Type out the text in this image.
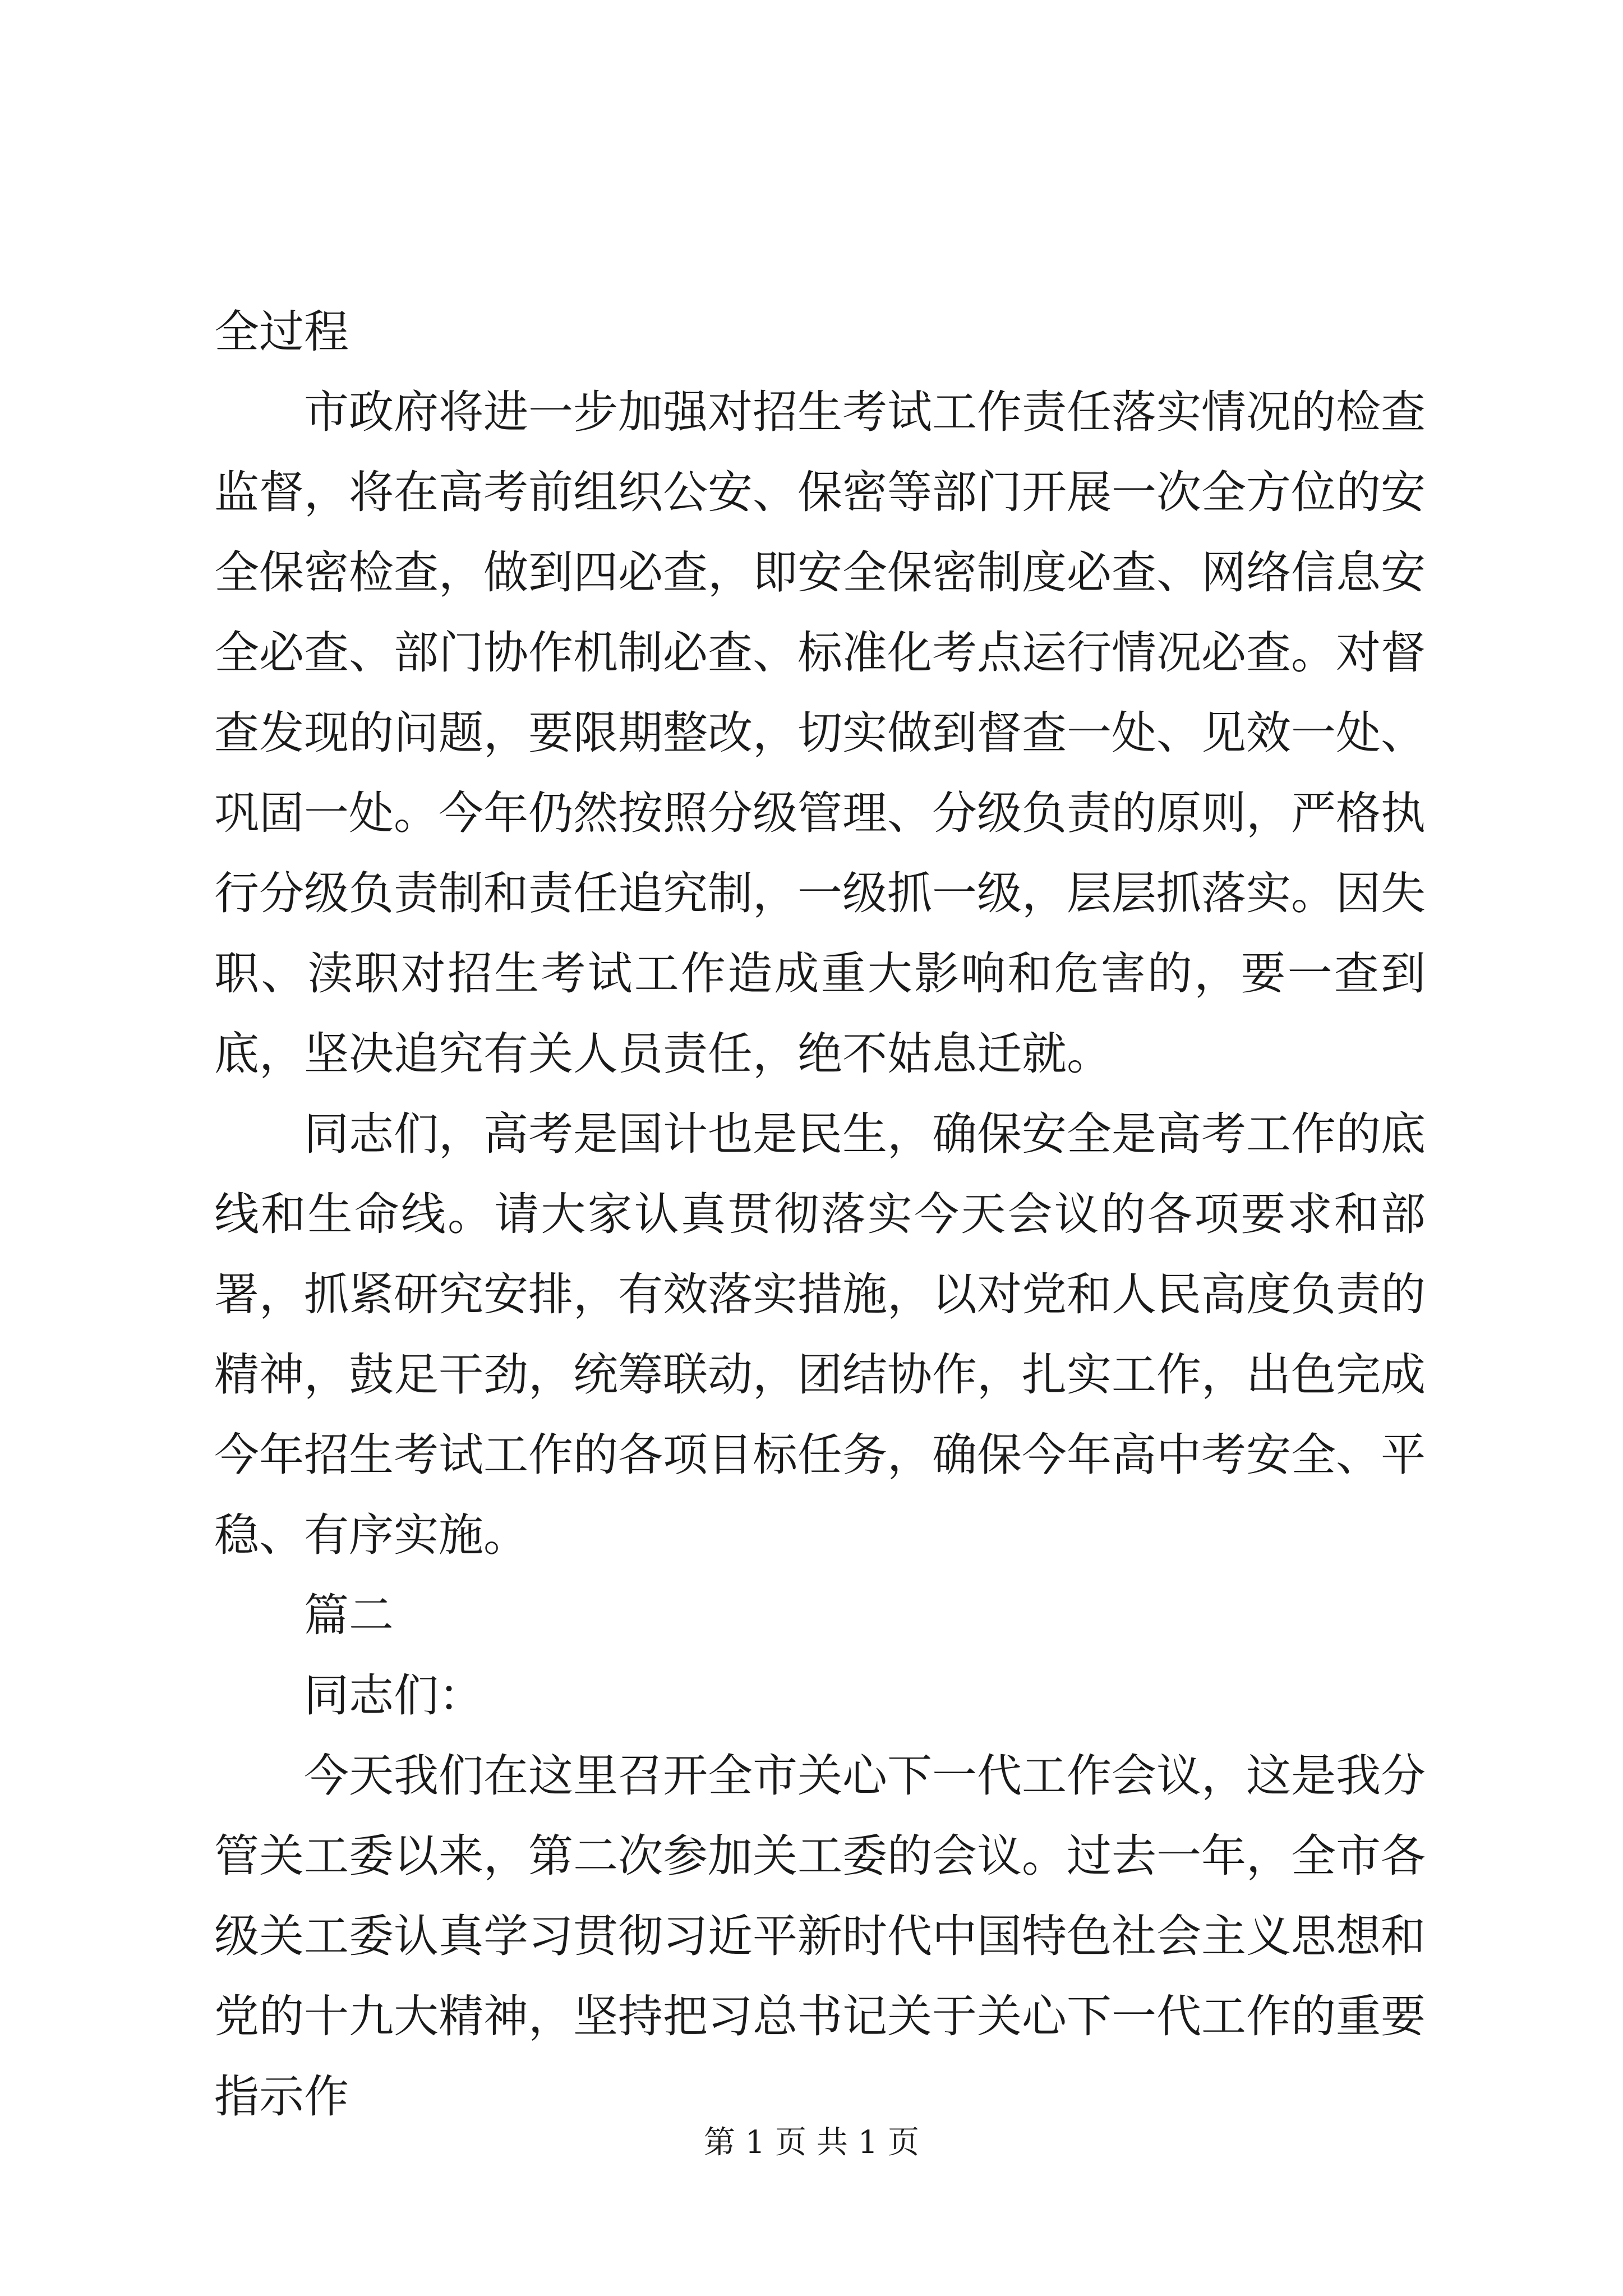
全过程

市政府将进一步加强对招生考试工作责任落实情况的检查监督，将在高考前组织公安、保密等部门开展一次全方位的安全保密检查，做到四必查，即安全保密制度必查、网络信息安全必查、部门协作机制必查、标准化考点运行情况必查。对督查发现的问题，要限期整改，切实做到督查一处、见效一处、巩固一处。今年仍然按照分级管理、分级负责的原则，严格执行分级负责制和责任追究制，一级抓一级，层层抓落实。因失职、渎职对招生考试工作造成重大影响和危害的，要一查到底，坚决追究有关人员责任，绝不姑息迁就。

同志们，高考是国计也是民生，确保安全是高考工作的底线和生命线。请大家认真贯彻落实今天会议的各项要求和部署，抓紧研究安排，有效落实措施，以对党和人民高度负责的精神，鼓足干劲，统筹联动，团结协作，扎实工作，出色完成今年招生考试工作的各项目标任务，确保今年高中考安全、平稳、有序实施。

篇二

同志们：

今天我们在这里召开全市关心下一代工作会议，这是我分管关工委以来，第二次参加关工委的会议。过去一年，全市各级关工委认真学习贯彻习近平新时代中国特色社会主义思想和党的十九大精神，坚持把习总书记关于关心下一代工作的重要指示作

第 1 页 共 1 页
